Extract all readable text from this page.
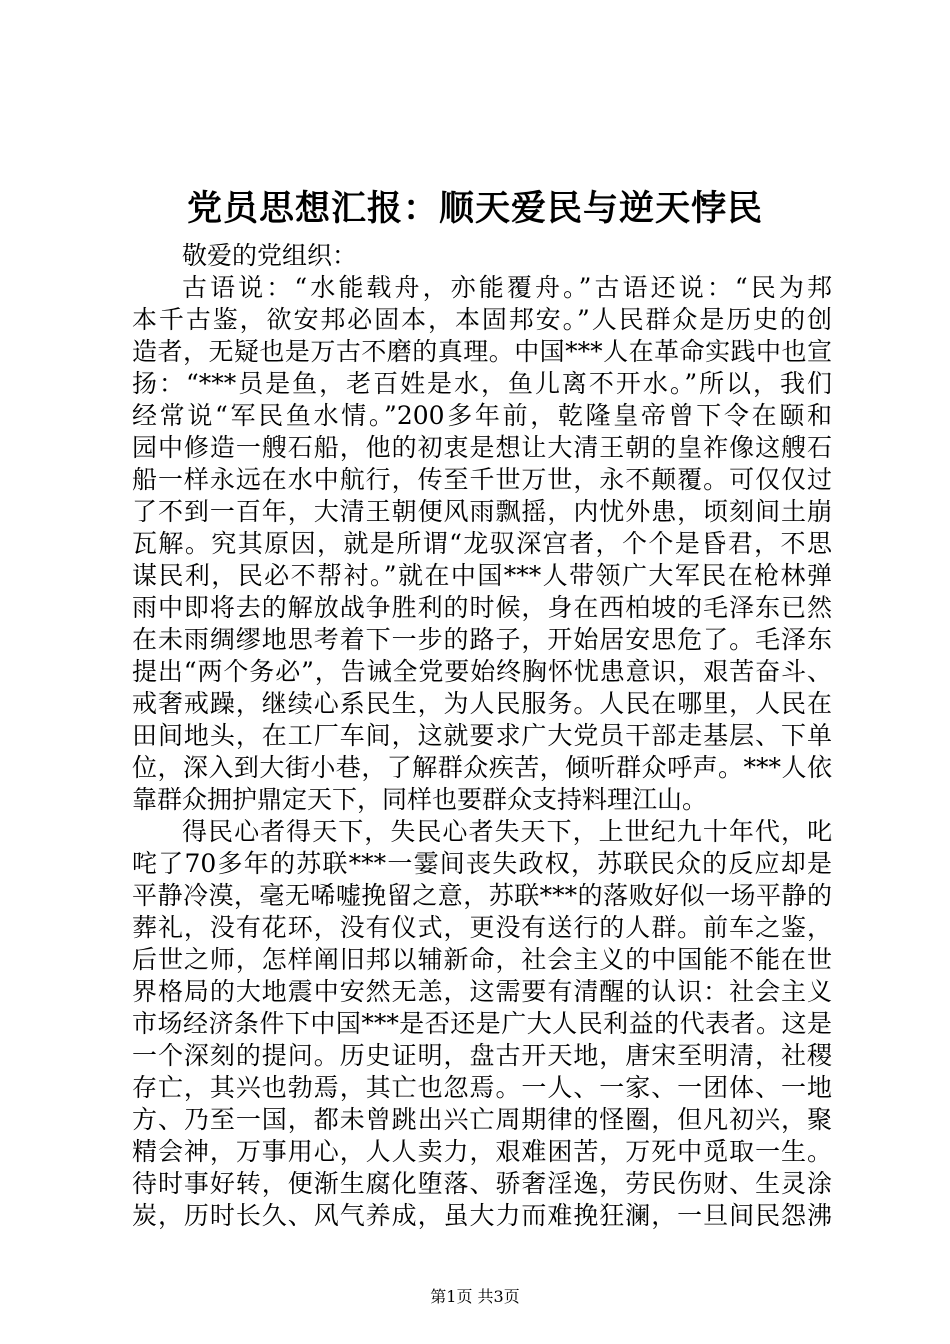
党员思想汇报：顺天爱民与逆天悖民
敬爱的党组织：
古语说：“水能载舟，亦能覆舟。”古语还说：“民为邦
本千古鉴，欲安邦必固本，本固邦安。”人民群众是历史的创
造者，无疑也是万古不磨的真理。中国***人在革命实践中也宣
扬：“***员是鱼，老百姓是水，鱼儿离不开水。”所以，我们
经常说“军民鱼水情。”200多年前，乾隆皇帝曾下令在颐和
园中修造一艘石船，他的初衷是想让大清王朝的皇祚像这艘石
船一样永远在水中航行，传至千世万世，永不颠覆。可仅仅过
了不到一百年，大清王朝便风雨飘摇，内忧外患，顷刻间土崩
瓦解。究其原因，就是所谓“龙驭深宫者，个个是昏君，不思
谋民利，民必不帮衬。”就在中国***人带领广大军民在枪林弹
雨中即将去的解放战争胜利的时候，身在西柏坡的毛泽东已然
在未雨绸缪地思考着下一步的路子，开始居安思危了。毛泽东
提出“两个务必”，告诫全党要始终胸怀忧患意识，艰苦奋斗、
戒奢戒躁，继续心系民生，为人民服务。人民在哪里，人民在
田间地头，在工厂车间，这就要求广大党员干部走基层、下单
位，深入到大街小巷，了解群众疾苦，倾听群众呼声。***人依
靠群众拥护鼎定天下，同样也要群众支持料理江山。
得民心者得天下，失民心者失天下，上世纪九十年代，叱
咤了70多年的苏联***一霎间丧失政权，苏联民众的反应却是
平静冷漠，毫无唏嘘挽留之意，苏联***的落败好似一场平静的
葬礼，没有花环，没有仪式，更没有送行的人群。前车之鉴，
后世之师，怎样阐旧邦以辅新命，社会主义的中国能不能在世
界格局的大地震中安然无恙，这需要有清醒的认识：社会主义
市场经济条件下中国***是否还是广大人民利益的代表者。这是
一个深刻的提问。历史证明，盘古开天地，唐宋至明清，社稷
存亡，其兴也勃焉，其亡也忽焉。一人、一家、一团体、一地
方、乃至一国，都未曾跳出兴亡周期律的怪圈，但凡初兴，聚
精会神，万事用心，人人卖力，艰难困苦，万死中觅取一生。
待时事好转，便渐生腐化堕落、骄奢淫逸，劳民伤财、生灵涂
炭，历时长久、风气养成，虽大力而难挽狂澜，一旦间民怨沸
第1页 共3页
